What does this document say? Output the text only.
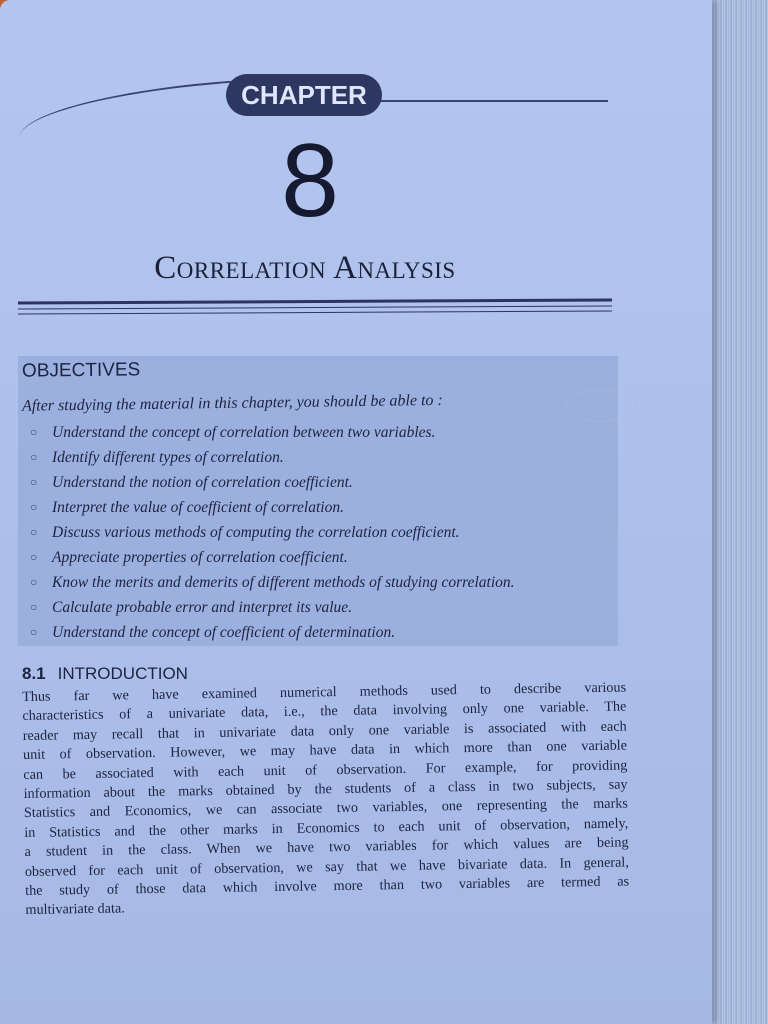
CHAPTER
8
Correlation Analysis
OBJECTIVES
After studying the material in this chapter, you should be able to :
○ Understand the concept of correlation between two variables.
○ Identify different types of correlation.
○ Understand the notion of correlation coefficient.
○ Interpret the value of coefficient of correlation.
○ Discuss various methods of computing the correlation coefficient.
○ Appreciate properties of correlation coefficient.
○ Know the merits and demerits of different methods of studying correlation.
○ Calculate probable error and interpret its value.
○ Understand the concept of coefficient of determination.
8.1 INTRODUCTION
Thus far we have examined numerical methods used to describe various
characteristics of a univariate data, i.e., the data involving only one variable. The
reader may recall that in univariate data only one variable is associated with each
unit of observation. However, we may have data in which more than one variable
can be associated with each unit of observation. For example, for providing
information about the marks obtained by the students of a class in two subjects, say
Statistics and Economics, we can associate two variables, one representing the marks
in Statistics and the other marks in Economics to each unit of observation, namely,
a student in the class. When we have two variables for which values are being
observed for each unit of observation, we say that we have bivariate data. In general,
the study of those data which involve more than two variables are termed as
multivariate data.
